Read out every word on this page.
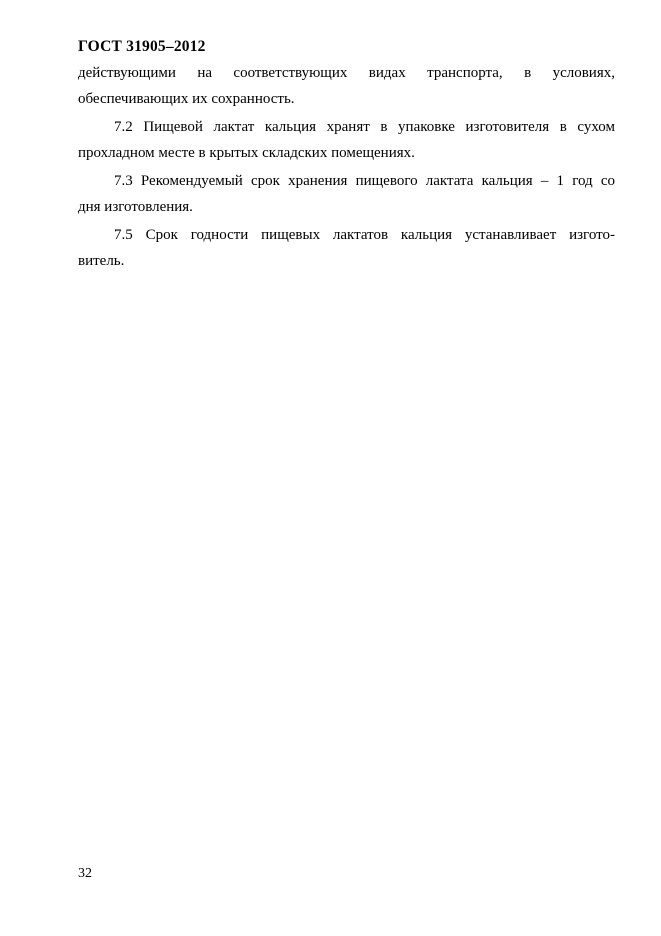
ГОСТ 31905–2012
действующими на соответствующих видах транспорта, в условиях,
обеспечивающих их сохранность.
7.2 Пищевой лактат кальция хранят в упаковке изготовителя в сухом
прохладном месте в крытых складских помещениях.
7.3 Рекомендуемый срок хранения пищевого лактата кальция – 1 год со
дня изготовления.
7.5 Срок годности пищевых лактатов кальция устанавливает изгото-
витель.
32
